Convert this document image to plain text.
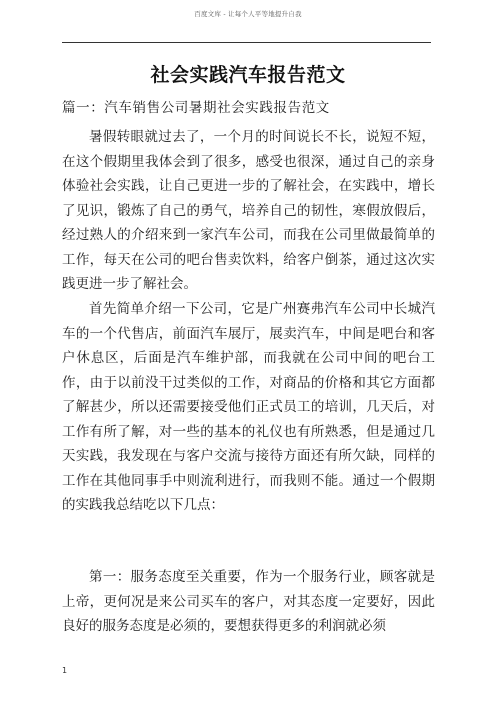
百度文库 - 让每个人平等地提升自我
社会实践汽车报告范文
篇一：汽车销售公司暑期社会实践报告范文

暑假转眼就过去了，一个月的时间说长不长，说短不短，在这个假期里我体会到了很多，感受也很深，通过自己的亲身体验社会实践，让自己更进一步的了解社会，在实践中，增长了见识，锻炼了自己的勇气，培养自己的韧性，寒假放假后，经过熟人的介绍来到一家汽车公司，而我在公司里做最简单的工作，每天在公司的吧台售卖饮料，给客户倒茶，通过这次实践更进一步了解社会。

首先简单介绍一下公司，它是广州赛弗汽车公司中长城汽车的一个代售店，前面汽车展厅，展卖汽车，中间是吧台和客户休息区，后面是汽车维护部，而我就在公司中间的吧台工作，由于以前没干过类似的工作，对商品的价格和其它方面都了解甚少，所以还需要接受他们正式员工的培训，几天后，对工作有所了解，对一些的基本的礼仪也有所熟悉，但是通过几天实践，我发现在与客户交流与接待方面还有所欠缺，同样的工作在其他同事手中则流利进行，而我则不能。通过一个假期的实践我总结吃以下几点：

第一：服务态度至关重要，作为一个服务行业，顾客就是上帝，更何况是来公司买车的客户，对其态度一定要好，因此良好的服务态度是必须的，要想获得更多的利润就必须

1
